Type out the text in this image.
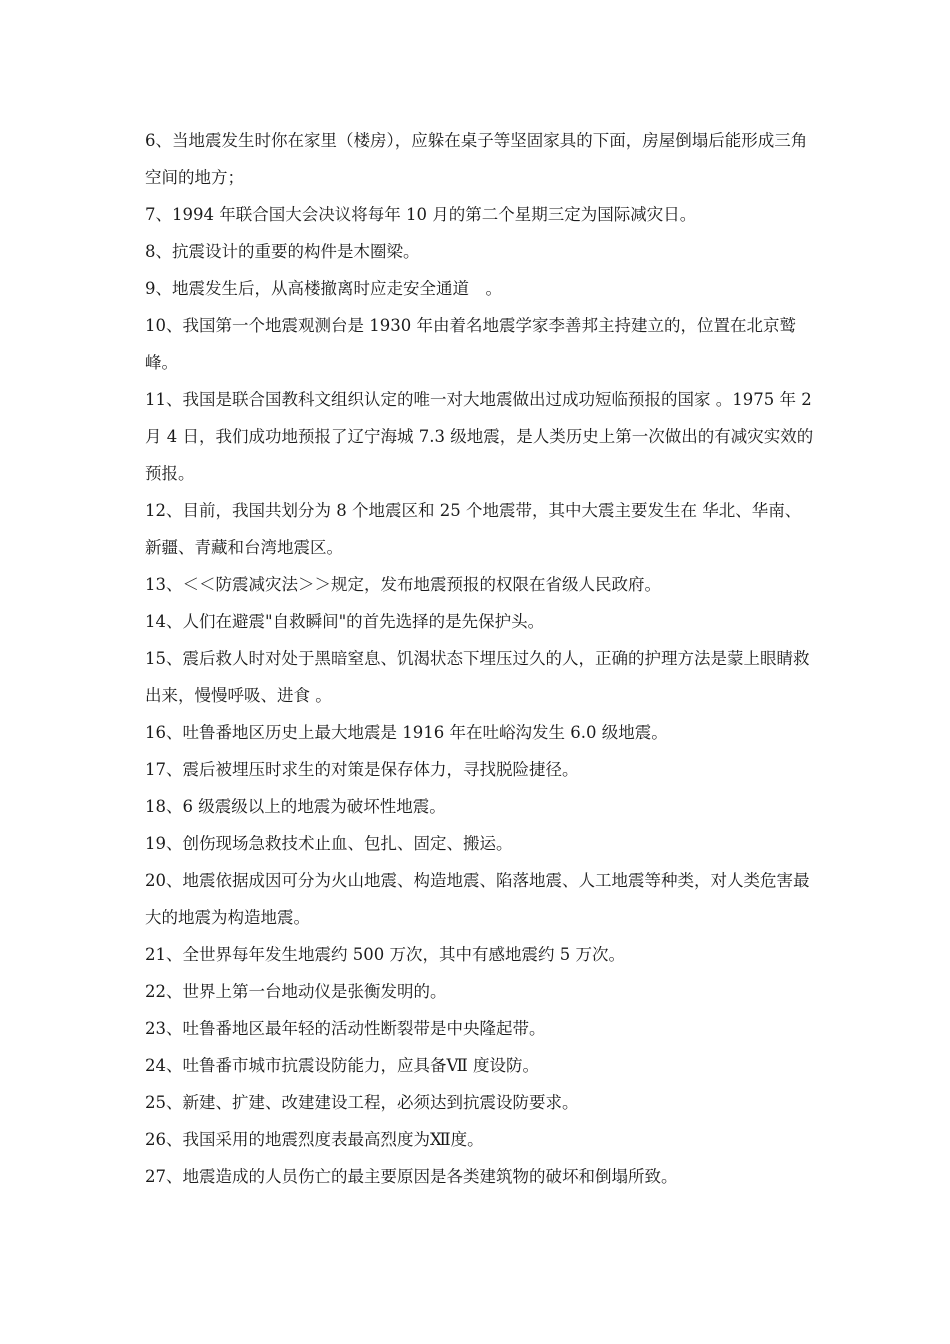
6、当地震发生时你在家里（楼房），应躲在桌子等坚固家具的下面，房屋倒塌后能形成三角空间的地方；

7、1994 年联合国大会决议将每年 10 月的第二个星期三定为国际减灾日。

8、抗震设计的重要的构件是木圈梁。

9、地震发生后，从高楼撤离时应走安全通道　。

10、我国第一个地震观测台是 1930 年由着名地震学家李善邦主持建立的，位置在北京鹫峰。

11、我国是联合国教科文组织认定的唯一对大地震做出过成功短临预报的国家 。1975 年 2 月 4 日，我们成功地预报了辽宁海城 7.3 级地震，是人类历史上第一次做出的有减灾实效的预报。

12、目前，我国共划分为 8 个地震区和 25 个地震带，其中大震主要发生在 华北、华南、新疆、青藏和台湾地震区。

13、＜＜防震减灾法＞＞规定，发布地震预报的权限在省级人民政府。

14、人们在避震"自救瞬间"的首先选择的是先保护头。

15、震后救人时对处于黑暗窒息、饥渴状态下埋压过久的人，正确的护理方法是蒙上眼睛救出来，慢慢呼吸、进食 。

16、吐鲁番地区历史上最大地震是 1916 年在吐峪沟发生 6.0 级地震。

17、震后被埋压时求生的对策是保存体力，寻找脱险捷径。

18、6 级震级以上的地震为破坏性地震。

19、创伤现场急救技术止血、包扎、固定、搬运。

20、地震依据成因可分为火山地震、构造地震、陷落地震、人工地震等种类，对人类危害最大的地震为构造地震。

21、全世界每年发生地震约 500 万次，其中有感地震约 5 万次。

22、世界上第一台地动仪是张衡发明的。

23、吐鲁番地区最年轻的活动性断裂带是中央隆起带。

24、吐鲁番市城市抗震设防能力，应具备Ⅶ 度设防。

25、新建、扩建、改建建设工程，必须达到抗震设防要求。

26、我国采用的地震烈度表最高烈度为Ⅻ度。

27、地震造成的人员伤亡的最主要原因是各类建筑物的破坏和倒塌所致。
